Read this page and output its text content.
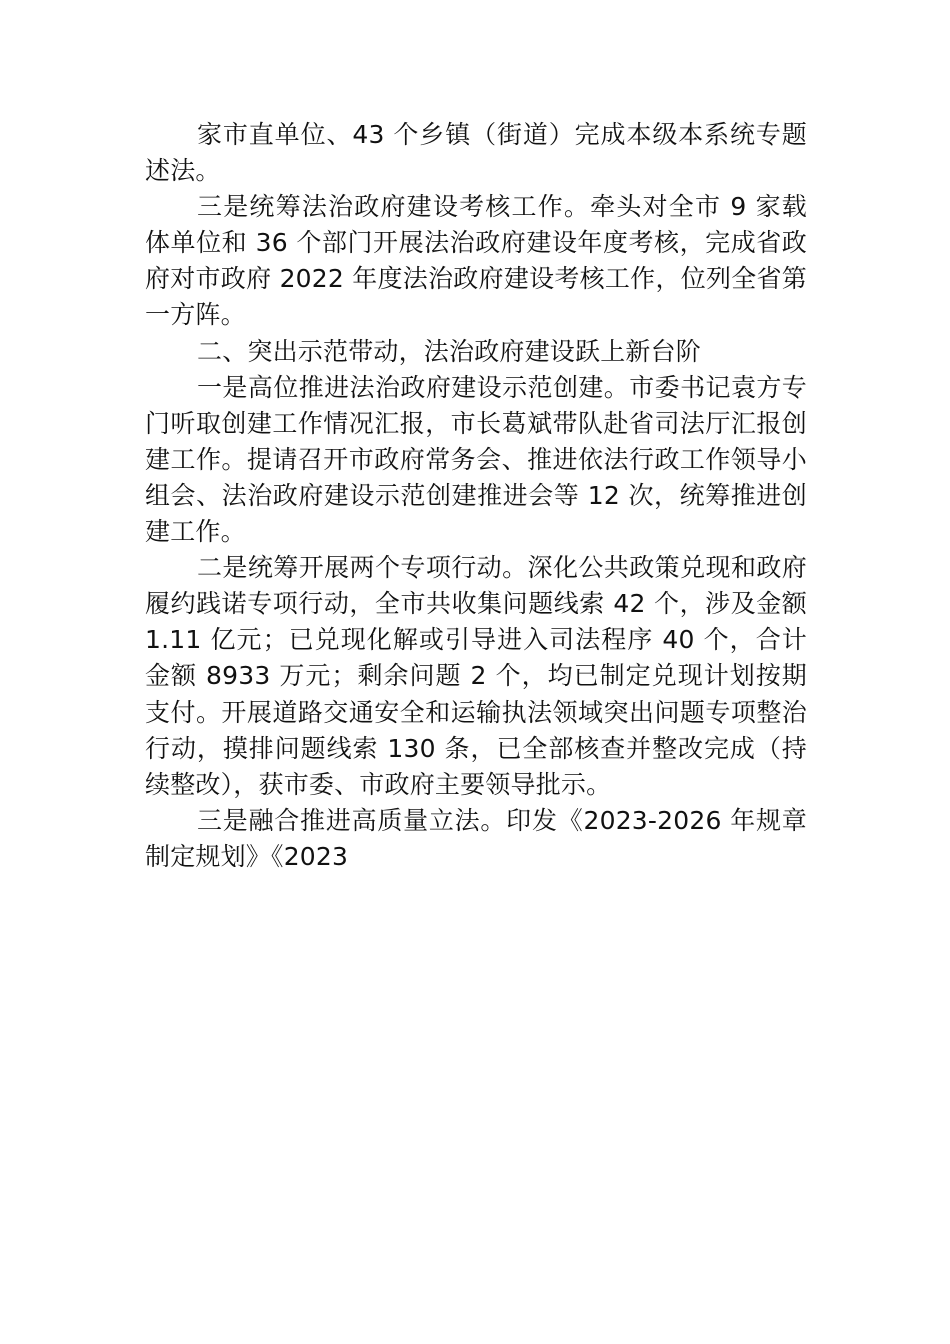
家市直单位、43 个乡镇（街道）完成本级本系统专题述法。

三是统筹法治政府建设考核工作。牵头对全市 9 家载体单位和 36 个部门开展法治政府建设年度考核，完成省政府对市政府 2022 年度法治政府建设考核工作，位列全省第一方阵。

二、突出示范带动，法治政府建设跃上新台阶

一是高位推进法治政府建设示范创建。市委书记袁方专门听取创建工作情况汇报，市长葛斌带队赴省司法厅汇报创建工作。提请召开市政府常务会、推进依法行政工作领导小组会、法治政府建设示范创建推进会等 12 次，统筹推进创建工作。

二是统筹开展两个专项行动。深化公共政策兑现和政府履约践诺专项行动，全市共收集问题线索 42 个，涉及金额 1.11 亿元；已兑现化解或引导进入司法程序 40 个，合计金额 8933 万元；剩余问题 2 个，均已制定兑现计划按期支付。开展道路交通安全和运输执法领域突出问题专项整治行动，摸排问题线索 130 条，已全部核查并整改完成（持续整改），获市委、市政府主要领导批示。

三是融合推进高质量立法。印发《2023-2026 年规章制定规划》《2023
